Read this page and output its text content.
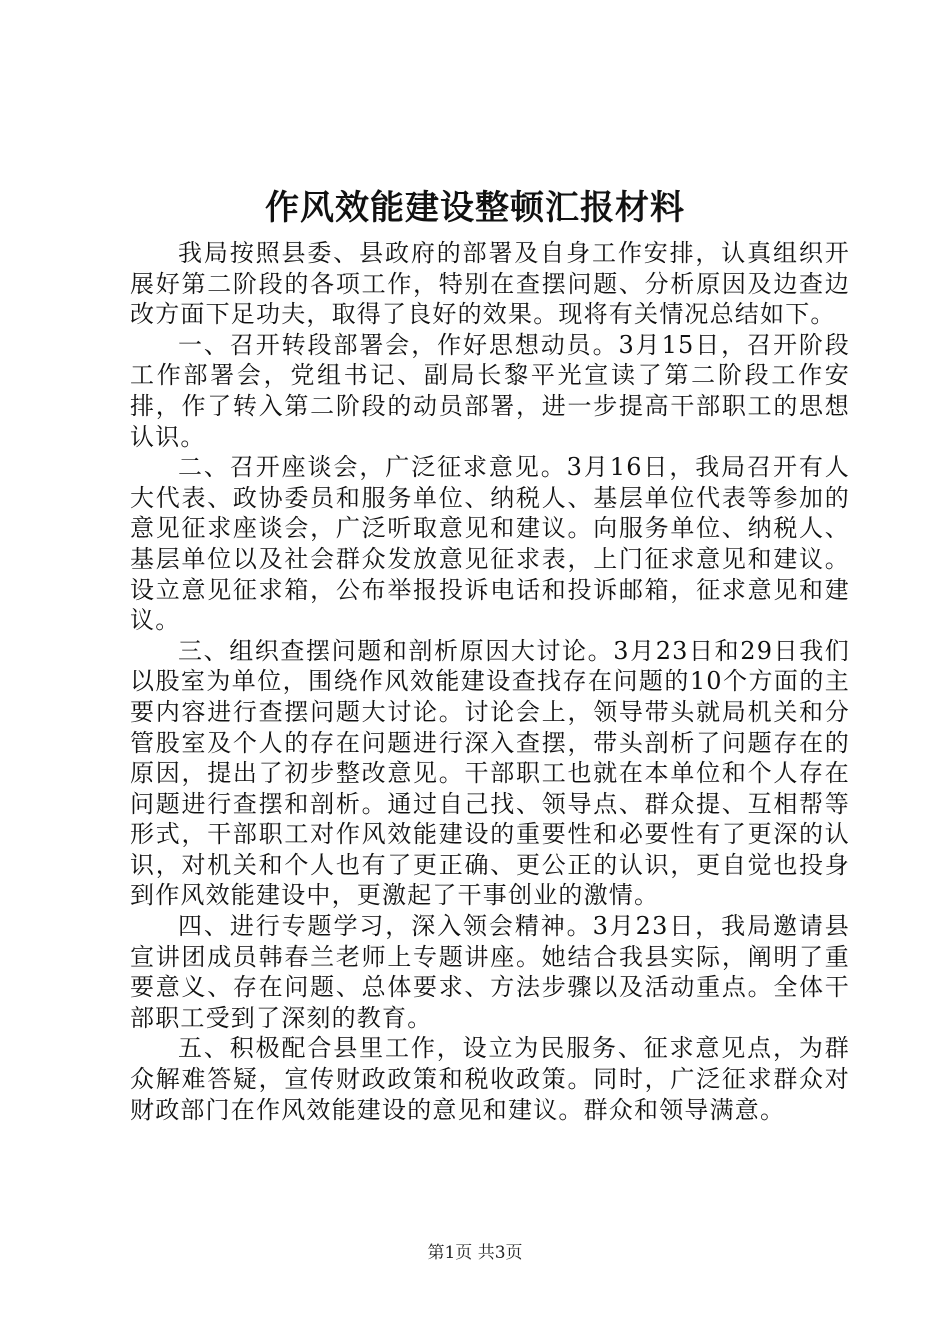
作风效能建设整顿汇报材料

我局按照县委、县政府的部署及自身工作安排，认真组织开展好第二阶段的各项工作，特别在查摆问题、分析原因及边查边改方面下足功夫，取得了良好的效果。现将有关情况总结如下。

一、召开转段部署会，作好思想动员。3月15日，召开阶段工作部署会，党组书记、副局长黎平光宣读了第二阶段工作安排，作了转入第二阶段的动员部署，进一步提高干部职工的思想认识。

二、召开座谈会，广泛征求意见。3月16日，我局召开有人大代表、政协委员和服务单位、纳税人、基层单位代表等参加的意见征求座谈会，广泛听取意见和建议。向服务单位、纳税人、基层单位以及社会群众发放意见征求表，上门征求意见和建议。设立意见征求箱，公布举报投诉电话和投诉邮箱，征求意见和建议。

三、组织查摆问题和剖析原因大讨论。3月23日和29日我们以股室为单位，围绕作风效能建设查找存在问题的10个方面的主要内容进行查摆问题大讨论。讨论会上，领导带头就局机关和分管股室及个人的存在问题进行深入查摆，带头剖析了问题存在的原因，提出了初步整改意见。干部职工也就在本单位和个人存在问题进行查摆和剖析。通过自己找、领导点、群众提、互相帮等形式，干部职工对作风效能建设的重要性和必要性有了更深的认识，对机关和个人也有了更正确、更公正的认识，更自觉也投身到作风效能建设中，更激起了干事创业的激情。

四、进行专题学习，深入领会精神。3月23日，我局邀请县宣讲团成员韩春兰老师上专题讲座。她结合我县实际，阐明了重要意义、存在问题、总体要求、方法步骤以及活动重点。全体干部职工受到了深刻的教育。

五、积极配合县里工作，设立为民服务、征求意见点，为群众解难答疑，宣传财政政策和税收政策。同时，广泛征求群众对财政部门在作风效能建设的意见和建议。群众和领导满意。

第1页 共3页
